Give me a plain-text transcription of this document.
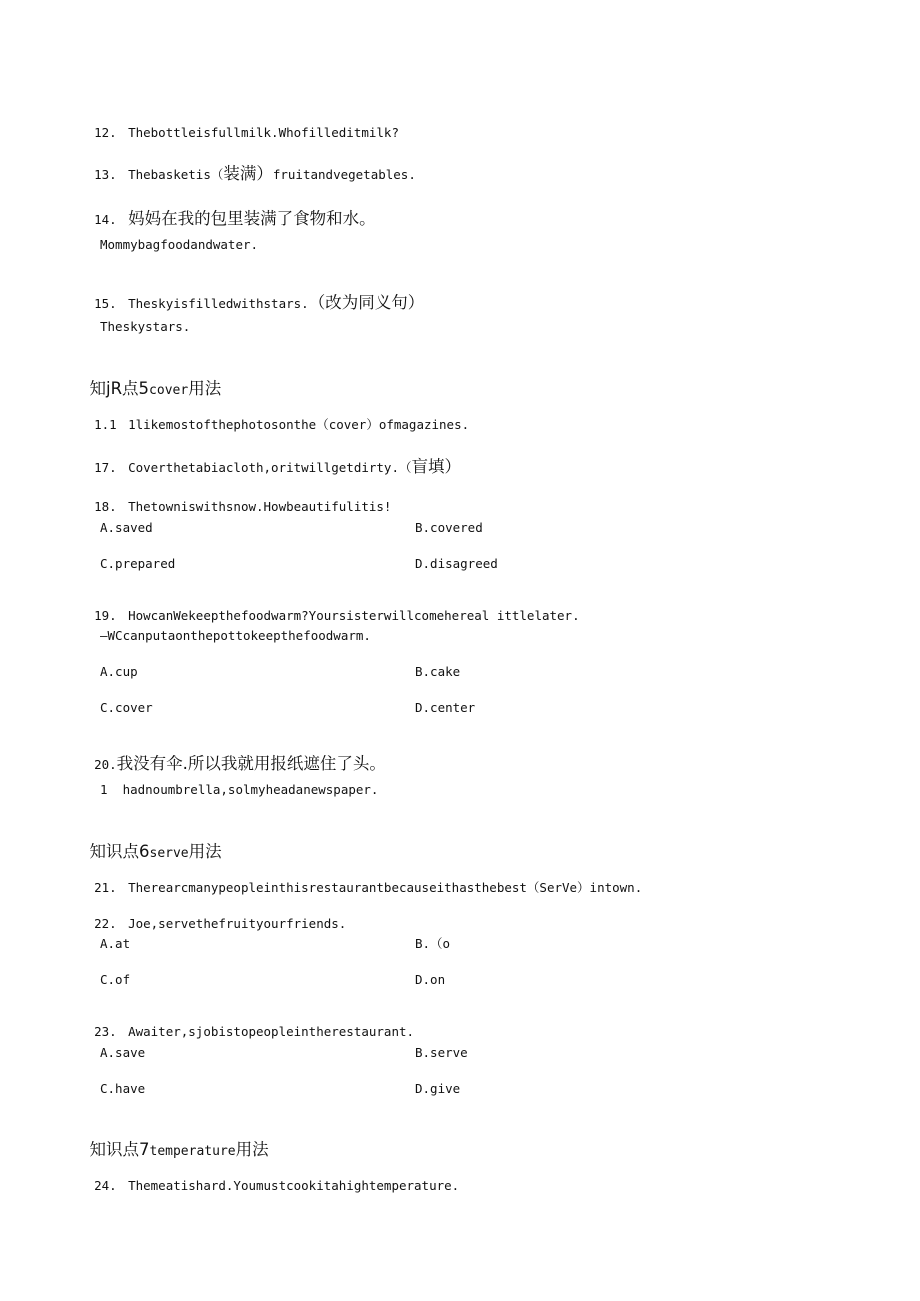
12. Thebottleisfullmilk.Whofilleditmilk?

13. Thebasketis（装满）fruitandvegetables.

14. 妈妈在我的包里装满了食物和水。

Mommybagfoodandwater.

15. Theskyisfilledwithstars.（改为同义句）

Theskystars.

知jR点5cover用法

1.1 1likemostofthephotosonthe（cover）ofmagazines.

17. Coverthetabiacloth,oritwillgetdirty.（盲填）

18. Thetowniswithsnow.Howbeautifulitis!

A.saved	B.covered
C.prepared	D.disagreed

19. HowcanWekeepthefoodwarm?Yoursisterwillcomehereal ittlelater.

—WCcanputaonthepottokeepthefoodwarm.
A.cup	B.cake
C.cover	D.center

20.我没有伞.所以我就用报纸遮住了头。

1  hadnoumbrella,solmyheadanewspaper.

知识点6serve用法

21. Therearcmanypeopleinthisrestaurantbecauseithasthebest（SerVe）intown.

22. Joe,servethefruityourfriends.

A.at	B.（o
C.of	D.on

23. Awaiter,sjobistopeopleintherestaurant.

A.save	B.serve
C.have	D.give

知识点7temperature用法

24. Themeatishard.Youmustcookitahightemperature.
